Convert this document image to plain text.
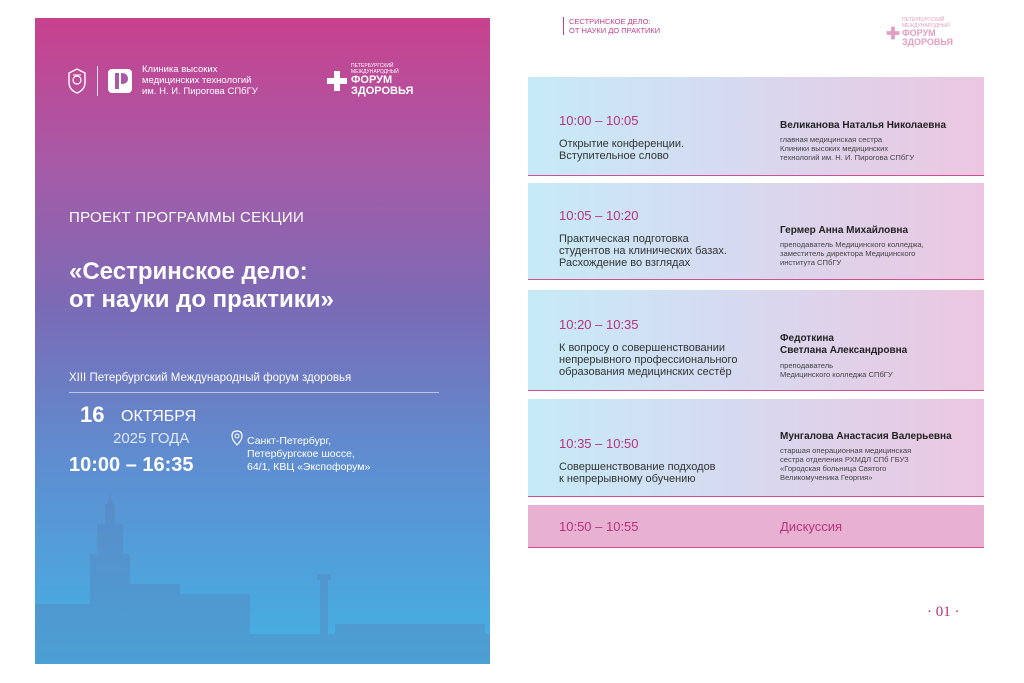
Клиника высоких
медицинских технологий
им. Н. И. Пирогова СПбГУ
ПЕТЕРБУРГСКИЙ
МЕЖДУНАРОДНЫЙ
ФОРУМ
ЗДОРОВЬЯ
ПРОЕКТ ПРОГРАММЫ СЕКЦИИ
«Сестринское дело:
от науки до практики»
XIII Петербургский Международный форум здоровья
16 ОКТЯБРЯ
2025 ГОДА
10:00 – 16:35
Санкт-Петербург,
Петербургское шоссе,
64/1, КВЦ «Экспофорум»
СЕСТРИНСКОЕ ДЕЛО:
ОТ НАУКИ ДО ПРАКТИКИ
ПЕТЕРБУРГСКИЙ
МЕЖДУНАРОДНЫЙ
ФОРУМ
ЗДОРОВЬЯ
10:00 – 10:05
Открытие конференции.
Вступительное слово
Великанова Наталья Николаевна
главная медицинская сестра
Клиники высоких медицинских
технологий им. Н. И. Пирогова СПбГУ
10:05 – 10:20
Практическая подготовка
студентов на клинических базах.
Расхождение во взглядах
Гермер Анна Михайловна
преподаватель Медицинского колледжа,
заместитель директора Медицинского
института СПбГУ
10:20 – 10:35
К вопросу о совершенствовании
непрерывного профессионального
образования медицинских сестёр
Федоткина
Светлана Александровна
преподаватель
Медицинского колледжа СПбГУ
10:35 – 10:50
Совершенствование подходов
к непрерывному обучению
Мунгалова Анастасия Валерьевна
старшая операционная медицинская
сестра отделения РХМДЛ СПб ГБУЗ
«Городская больница Святого
Великомученика Георгия»
10:50 – 10:55	Дискуссия
· 01 ·
